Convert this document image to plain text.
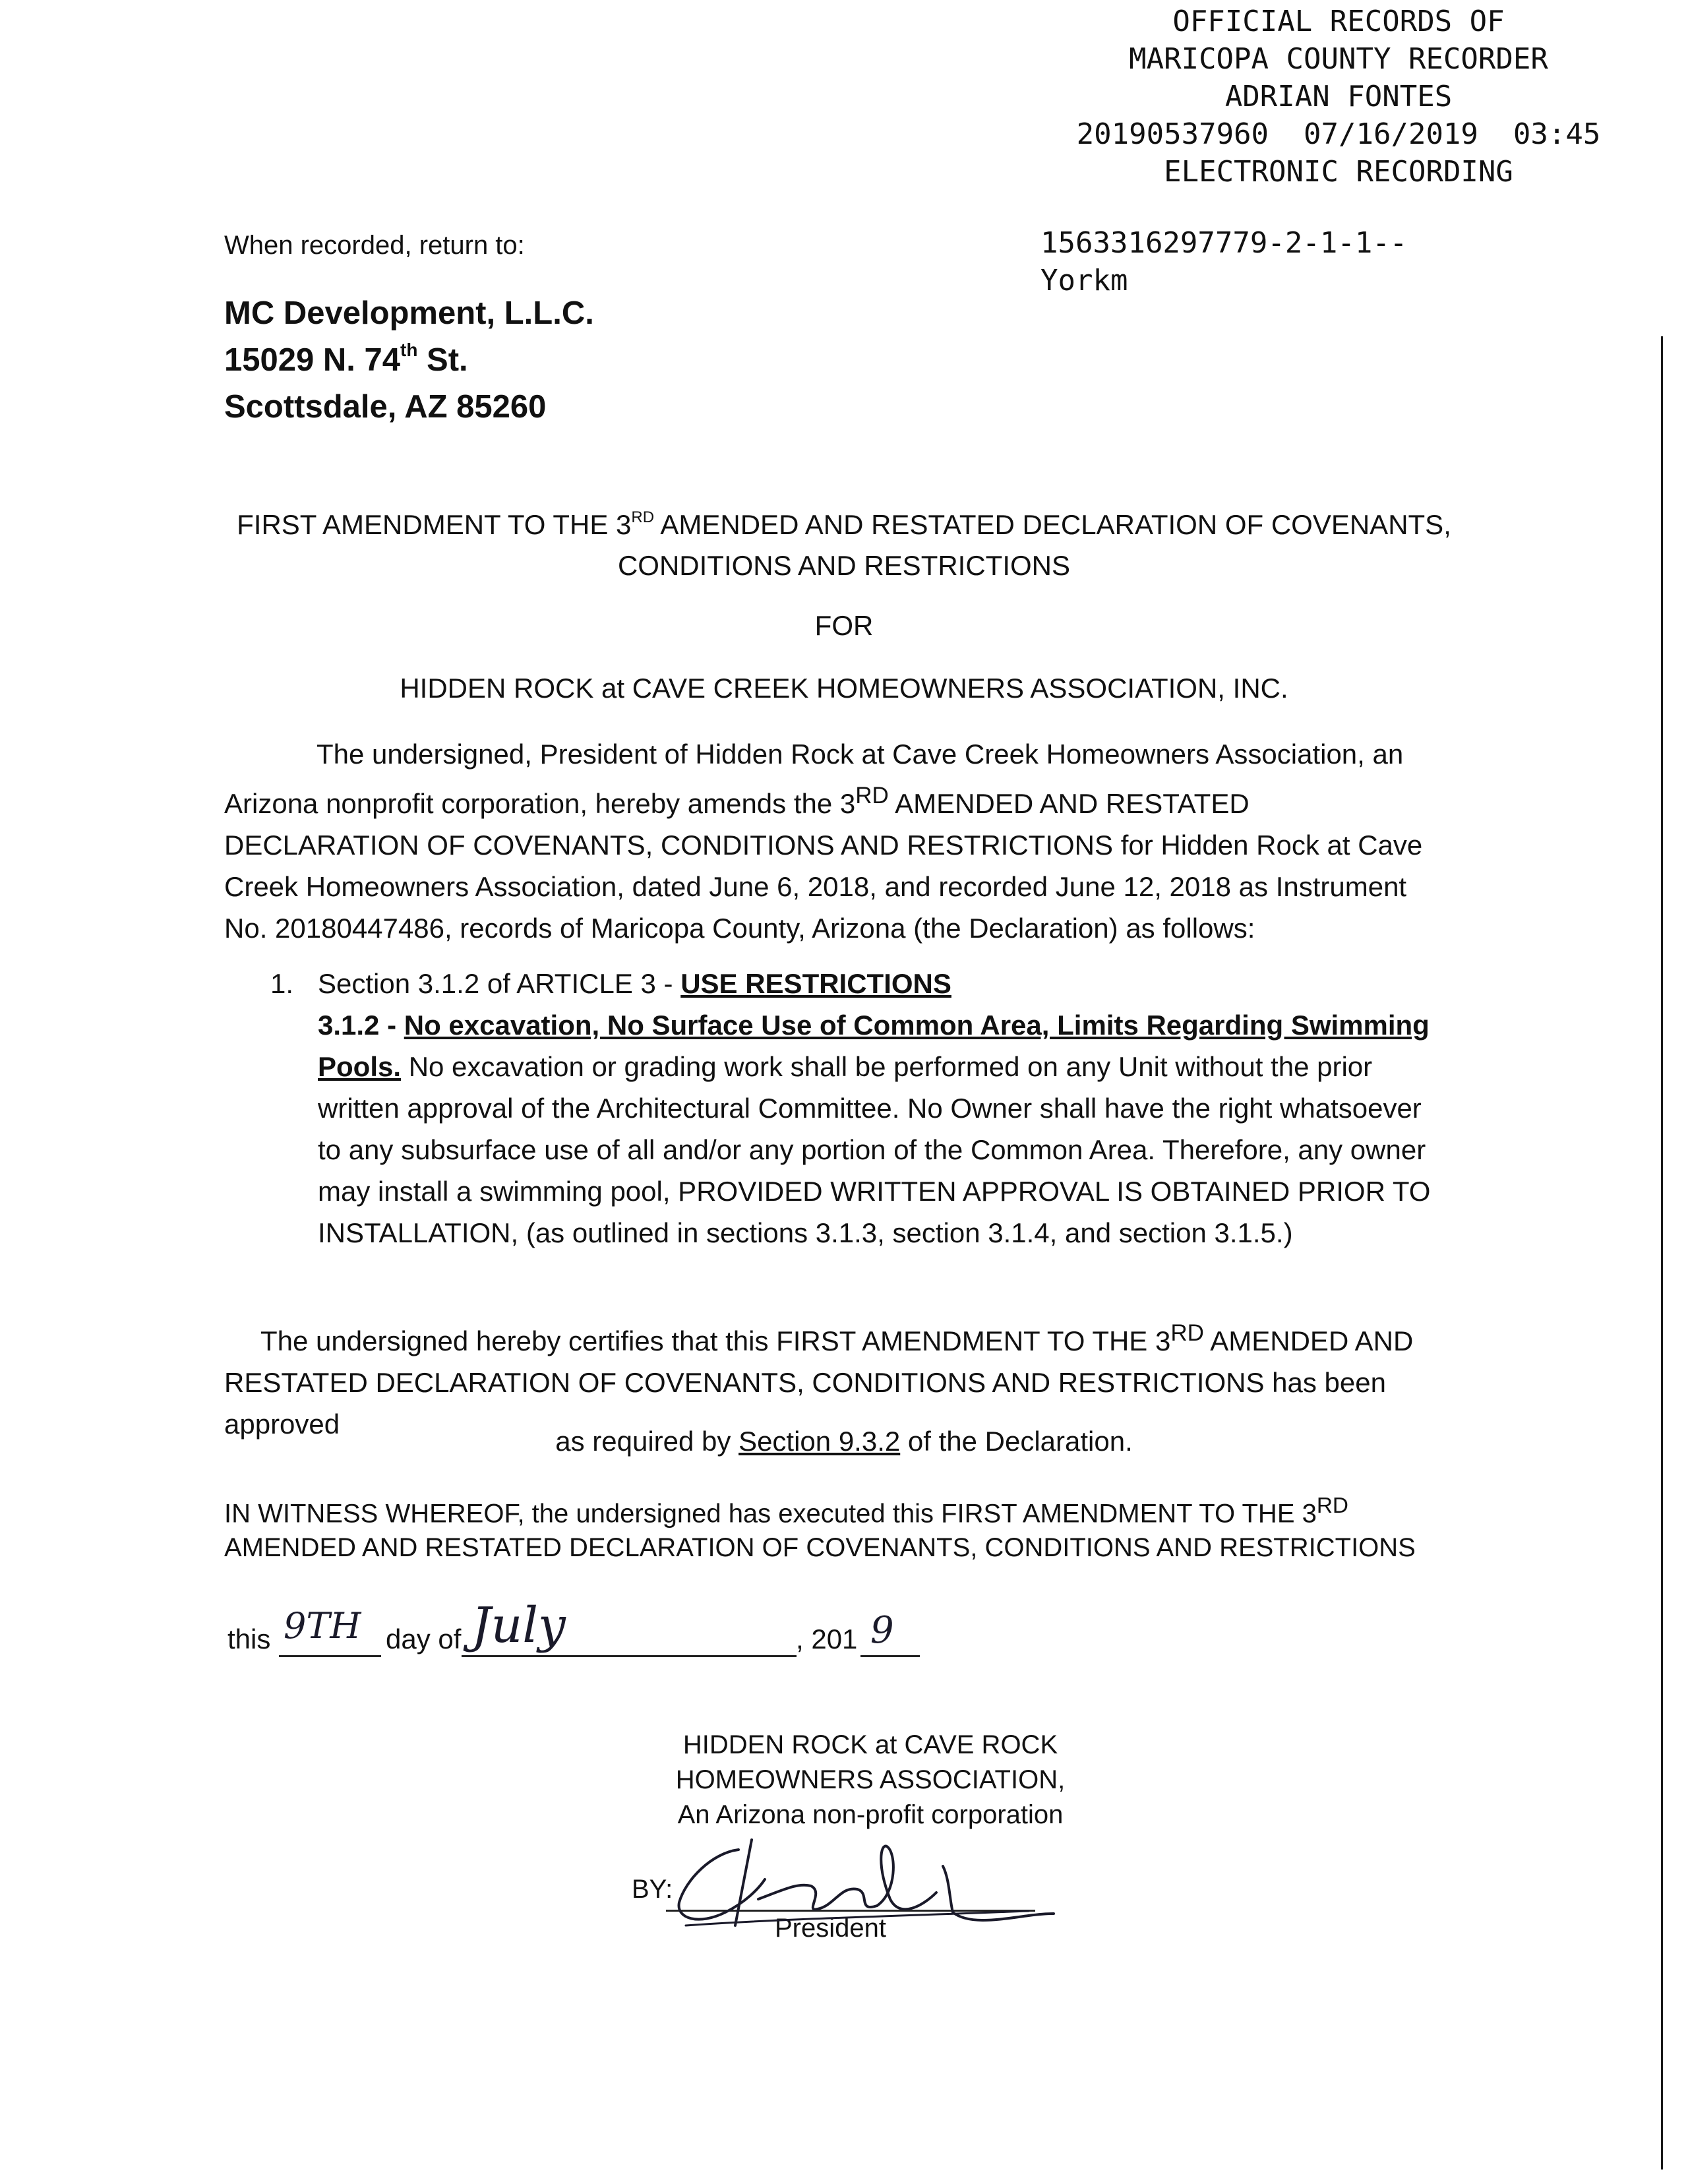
OFFICIAL RECORDS OF
MARICOPA COUNTY RECORDER
ADRIAN FONTES
20190537960  07/16/2019  03:45
ELECTRONIC RECORDING
1563316297779-2-1-1--
Yorkm
When recorded, return to:
MC Development, L.L.C.
15029 N. 74th St.
Scottsdale, AZ 85260
FIRST AMENDMENT TO THE 3RD AMENDED AND RESTATED DECLARATION OF COVENANTS,
CONDITIONS AND RESTRICTIONS
FOR
HIDDEN ROCK at CAVE CREEK HOMEOWNERS ASSOCIATION, INC.
The undersigned, President of Hidden Rock at Cave Creek Homeowners Association, an Arizona nonprofit corporation, hereby amends the 3RD AMENDED AND RESTATED DECLARATION OF COVENANTS, CONDITIONS AND RESTRICTIONS for Hidden Rock at Cave Creek Homeowners Association, dated June 6, 2018, and recorded June 12, 2018 as Instrument No. 20180447486, records of Maricopa County, Arizona (the Declaration) as follows:
1. Section 3.1.2 of ARTICLE 3 - USE RESTRICTIONS
3.1.2 - No excavation, No Surface Use of Common Area, Limits Regarding Swimming Pools. No excavation or grading work shall be performed on any Unit without the prior written approval of the Architectural Committee. No Owner shall have the right whatsoever to any subsurface use of all and/or any portion of the Common Area. Therefore, any owner may install a swimming pool, PROVIDED WRITTEN APPROVAL IS OBTAINED PRIOR TO INSTALLATION, (as outlined in sections 3.1.3, section 3.1.4, and section 3.1.5.)
The undersigned hereby certifies that this FIRST AMENDMENT TO THE 3RD AMENDED AND RESTATED DECLARATION OF COVENANTS, CONDITIONS AND RESTRICTIONS has been approved
as required by Section 9.3.2 of the Declaration.
IN WITNESS WHEREOF, the undersigned has executed this FIRST AMENDMENT TO THE 3RD AMENDED AND RESTATED DECLARATION OF COVENANTS, CONDITIONS AND RESTRICTIONS
this 9TH day of July	, 201 9
HIDDEN ROCK at CAVE ROCK
HOMEOWNERS ASSOCIATION,
An Arizona non-profit corporation
BY:
President
